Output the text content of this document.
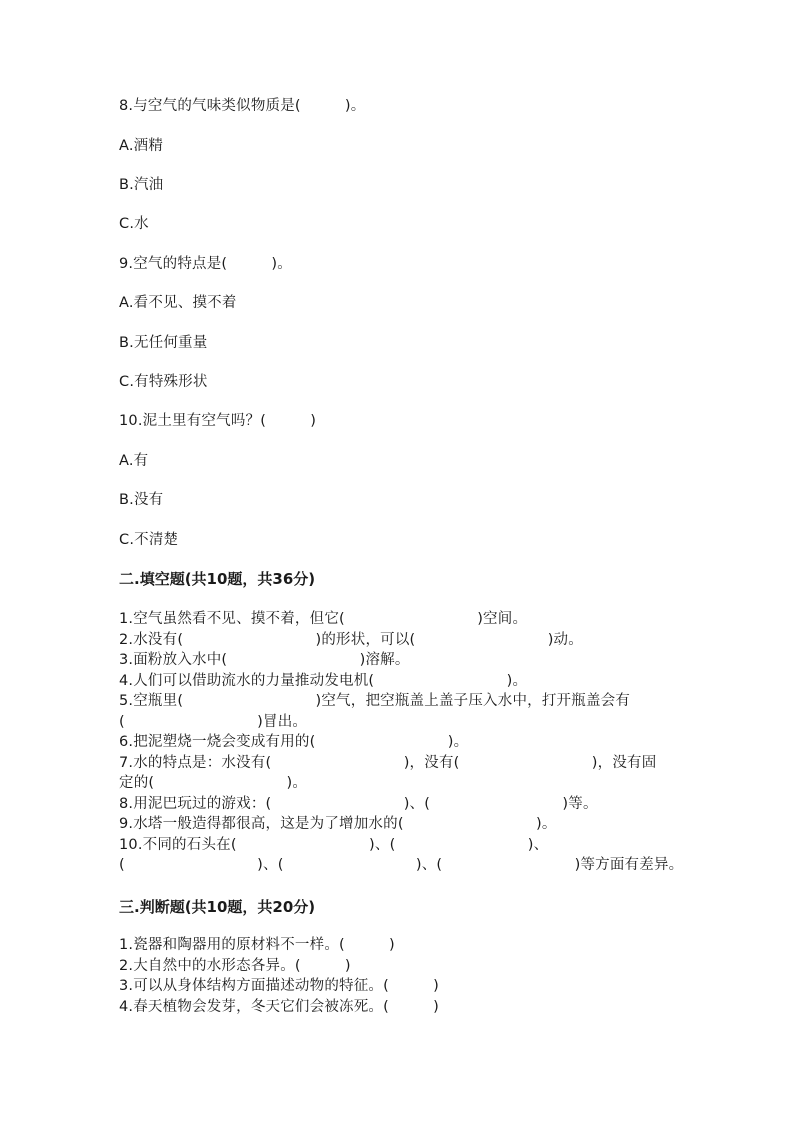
8.与空气的气味类似物质是(　　　)。
A.酒精
B.汽油
C.水
9.空气的特点是(　　　)。
A.看不见、摸不着
B.无任何重量
C.有特殊形状
10.泥土里有空气吗？(　　　)
A.有
B.没有
C.不清楚
二.填空题(共10题，共36分)
1.空气虽然看不见、摸不着，但它(　　　　　　　　　)空间。
2.水没有(　　　　　　　　　)的形状，可以(　　　　　　　　　)动。
3.面粉放入水中(　　　　　　　　　)溶解。
4.人们可以借助流水的力量推动发电机(　　　　　　　　　)。
5.空瓶里(　　　　　　　　　)空气，把空瓶盖上盖子压入水中，打开瓶盖会有
(　　　　　　　　　)冒出。
6.把泥塑烧一烧会变成有用的(　　　　　　　　　)。
7.水的特点是：水没有(　　　　　　　　　)，没有(　　　　　　　　　)，没有固
定的(　　　　　　　　　)。
8.用泥巴玩过的游戏：(　　　　　　　　　)、(　　　　　　　　　)等。
9.水塔一般造得都很高，这是为了增加水的(　　　　　　　　　)。
10.不同的石头在(　　　　　　　　　)、(　　　　　　　　　)、
(　　　　　　　　　)、(　　　　　　　　　)、(　　　　　　　　　)等方面有差异。
三.判断题(共10题，共20分)
1.瓷器和陶器用的原材料不一样。(　　　)
2.大自然中的水形态各异。(　　　)
3.可以从身体结构方面描述动物的特征。(　　　)
4.春天植物会发芽，冬天它们会被冻死。(　　　)
